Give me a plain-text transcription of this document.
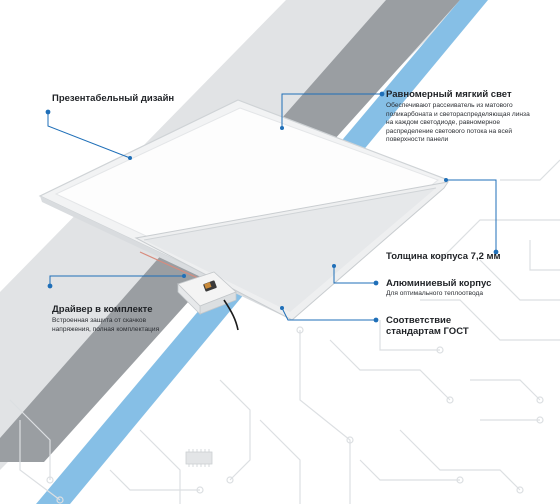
Презентабельный дизайн	Равномерный мягкий свет
Обеспечивают рассеиватель из матового поликарбоната и светораспределяющая линза на каждом светодиоде, равномерное распределение светового потока на всей поверхности панели
Толщина корпуса 7,2 мм
Алюминиевый корпус
Для оптимального теплоотвода
Драйвер в комплекте
Встроенная защита от скачков напряжения, полная комплектация
Соответствие
стандартам ГОСТ
